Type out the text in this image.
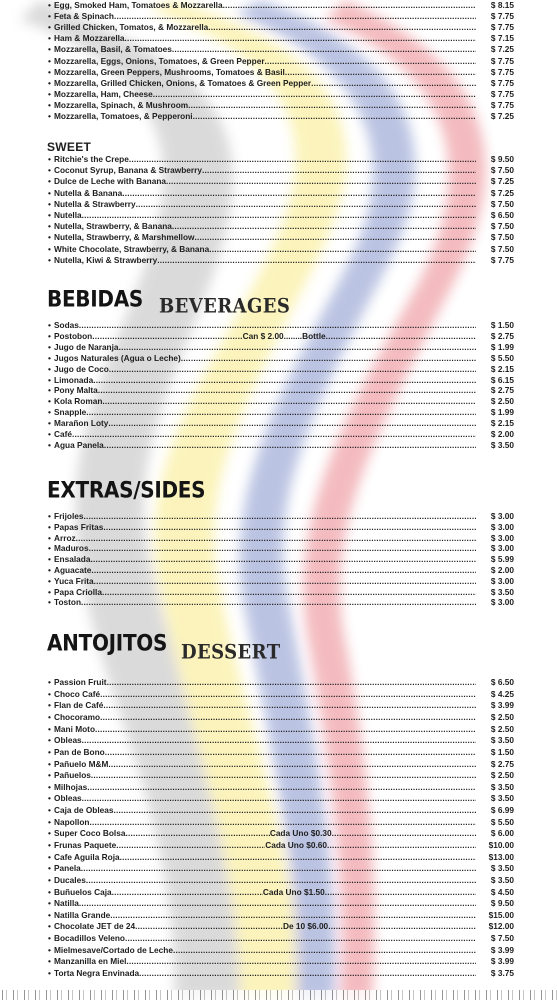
• Egg, Smoked Ham, Tomatoes & Mozzarella .....	$ 8.15
• Feta & Spinach .....	$ 7.75
• Grilled Chicken, Tomatos, & Mozzarella .....	$ 7.75
• Ham & Mozzarella .....	$ 7.15
• Mozzarella, Basil, & Tomatoes .....	$ 7.25
• Mozzarella, Eggs, Onions, Tomatoes, & Green Pepper .....	$ 7.75
• Mozzarella, Green Peppers, Mushrooms, Tomatoes & Basil .....	$ 7.75
• Mozzarella, Grilled Chicken, Onions, & Tomatoes & Green Pepper .....	$ 7.75
• Mozzarella, Ham, Cheese .....	$ 7.75
• Mozzarella, Spinach, & Mushroom .....	$ 7.75
• Mozzarella, Tomatoes, & Pepperoni .....	$ 7.25
SWEET
• Ritchie's the Crepe .....	$ 9.50
• Coconut Syrup, Banana & Strawberry .....	$ 7.50
• Dulce de Leche with Banana .....	$ 7.25
• Nutella & Banana .....	$ 7.25
• Nutella & Strawberry .....	$ 7.50
• Nutella .....	$ 6.50
• Nutella, Strawberry, & Banana .....	$ 7.50
• Nutella, Strawberry, & Marshmellow .....	$ 7.50
• White Chocolate, Strawberry, & Banana .....	$ 7.50
• Nutella, Kiwi & Strawberry .....	$ 7.75
BEBIDAS BEVERAGES
• Sodas .....	$ 1.50
• Postobon .....	Can $ 2.00........Bottle .....	$ 2.75
• Jugo de Naranja .....	$ 1.99
• Jugos Naturales (Agua o Leche) .....	$ 5.50
• Jugo de Coco .....	$ 2.15
• Limonada .....	$ 6.15
• Pony Malta .....	$ 2.75
• Kola Roman .....	$ 2.50
• Snapple .....	$ 1.99
• Marañon Loty .....	$ 2.15
• Café .....	$ 2.00
• Agua Panela .....	$ 3.50
EXTRAS/SIDES
• Frijoles .....	$ 3.00
• Papas Fritas .....	$ 3.00
• Arroz .....	$ 3.00
• Maduros .....	$ 3.00
• Ensalada .....	$ 5.99
• Aguacate .....	$ 2.00
• Yuca Frita .....	$ 3.00
• Papa Criolla .....	$ 3.50
• Toston .....	$ 3.00
ANTOJITOS DESSERT
• Passion Fruit .....	$ 6.50
• Choco Café .....	$ 4.25
• Flan de Café .....	$ 3.99
• Chocoramo .....	$ 2.50
• Mani Moto .....	$ 2.50
• Obleas .....	$ 3.50
• Pan de Bono .....	$ 1.50
• Pañuelo M&M .....	$ 2.75
• Pañuelos .....	$ 2.50
• Milhojas .....	$ 3.50
• Obleas .....	$ 3.50
• Caja de Obleas .....	$ 6.99
• Napollon .....	$ 5.50
• Super Coco Bolsa .....	Cada Uno $0.30 .....	$ 6.00
• Frunas Paquete .....	Cada Uno $0.60 .....	$10.00
• Cafe Aguila Roja .....	$13.00
• Panela .....	$ 3.50
• Ducales .....	$ 3.50
• Buñuelos Caja .....	Cada Uno $1.50 .....	$ 4.50
• Natilla .....	$ 9.50
• Natilla Grande .....	$15.00
• Chocolate JET de 24 .....	De 10 $6.00 .....	$12.00
• Bocadillos Veleno .....	$ 7.50
• Mielmesave/Cortado de Leche .....	$ 3.99
• Manzanilla en Miel .....	$ 3.99
• Torta Negra Envinada .....	$ 3.75
